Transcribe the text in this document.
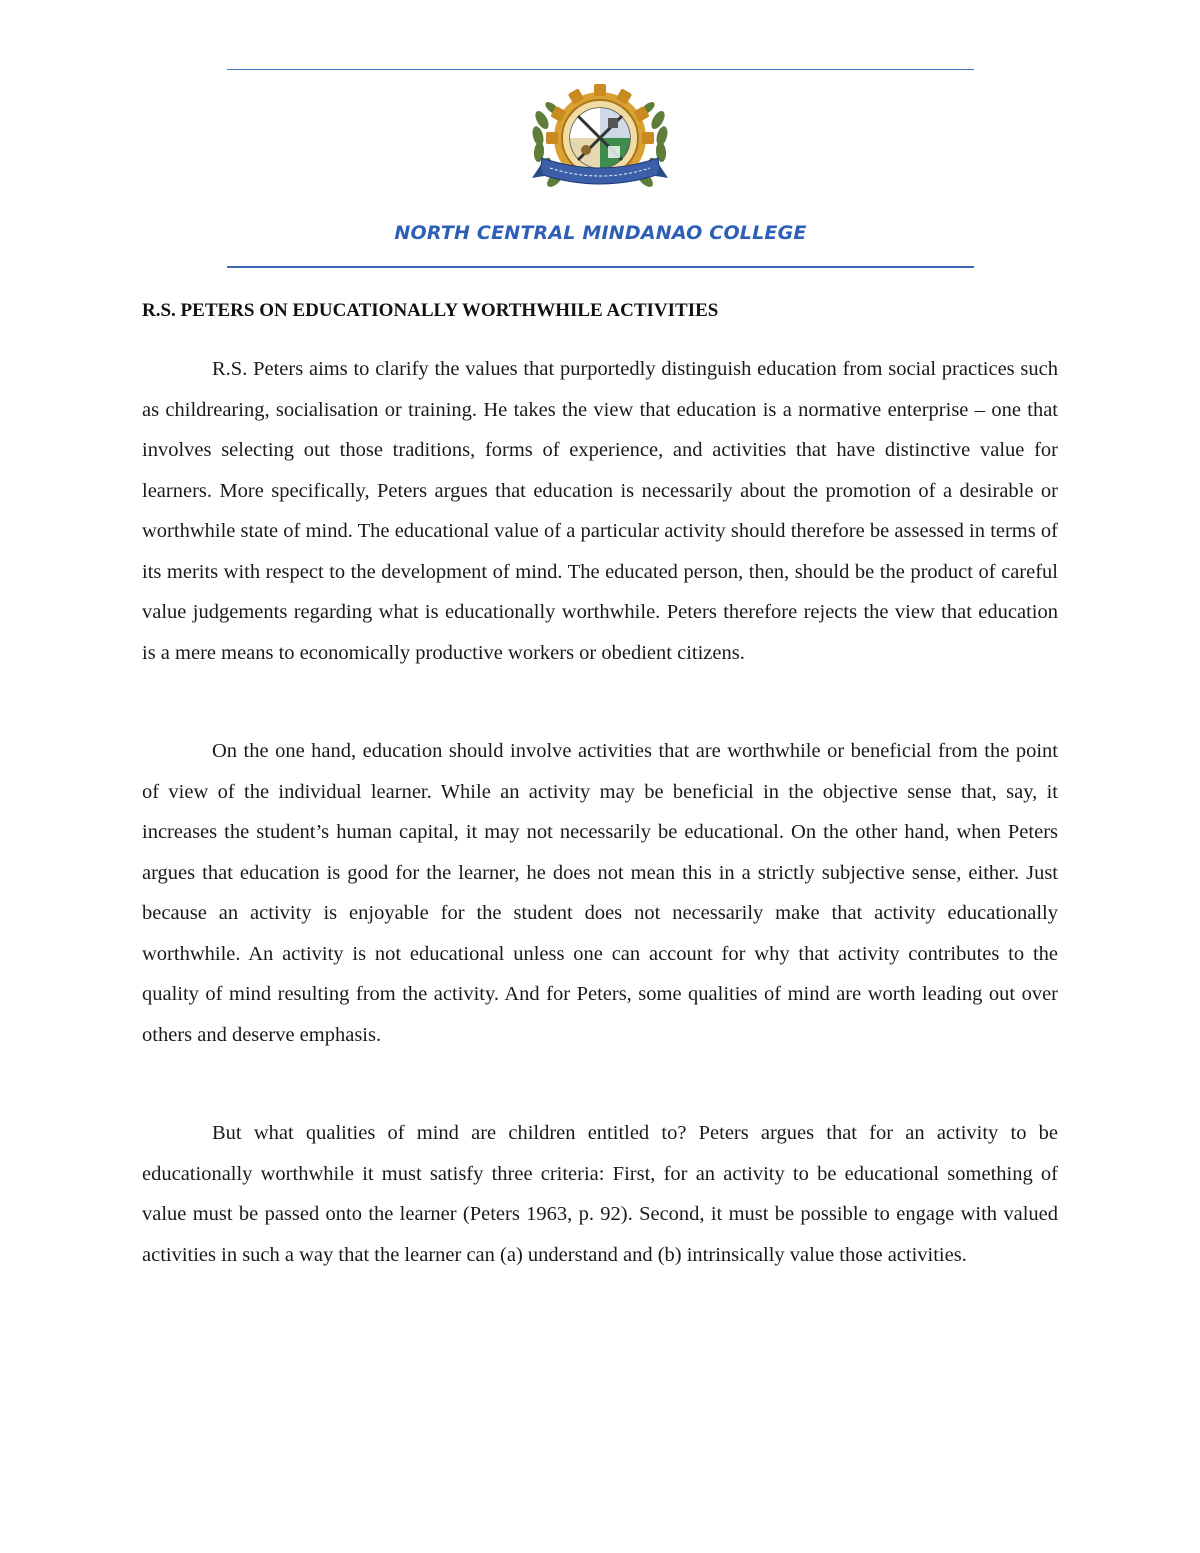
NORTH CENTRAL MINDANAO COLLEGE
R.S. PETERS ON EDUCATIONALLY WORTHWHILE ACTIVITIES

R.S. Peters aims to clarify the values that purportedly distinguish education from social practices such as childrearing, socialisation or training. He takes the view that education is a normative enterprise – one that involves selecting out those traditions, forms of experience, and activities that have distinctive value for learners. More specifically, Peters argues that education is necessarily about the promotion of a desirable or worthwhile state of mind. The educational value of a particular activity should therefore be assessed in terms of its merits with respect to the development of mind. The educated person, then, should be the product of careful value judgements regarding what is educationally worthwhile. Peters therefore rejects the view that education is a mere means to economically productive workers or obedient citizens.

On the one hand, education should involve activities that are worthwhile or beneficial from the point of view of the individual learner. While an activity may be beneficial in the objective sense that, say, it increases the student’s human capital, it may not necessarily be educational. On the other hand, when Peters argues that education is good for the learner, he does not mean this in a strictly subjective sense, either. Just because an activity is enjoyable for the student does not necessarily make that activity educationally worthwhile. An activity is not educational unless one can account for why that activity contributes to the quality of mind resulting from the activity. And for Peters, some qualities of mind are worth leading out over others and deserve emphasis.

But what qualities of mind are children entitled to? Peters argues that for an activity to be educationally worthwhile it must satisfy three criteria: First, for an activity to be educational something of value must be passed onto the learner (Peters 1963, p. 92). Second, it must be possible to engage with valued activities in such a way that the learner can (a) understand and (b) intrinsically value those activities.
